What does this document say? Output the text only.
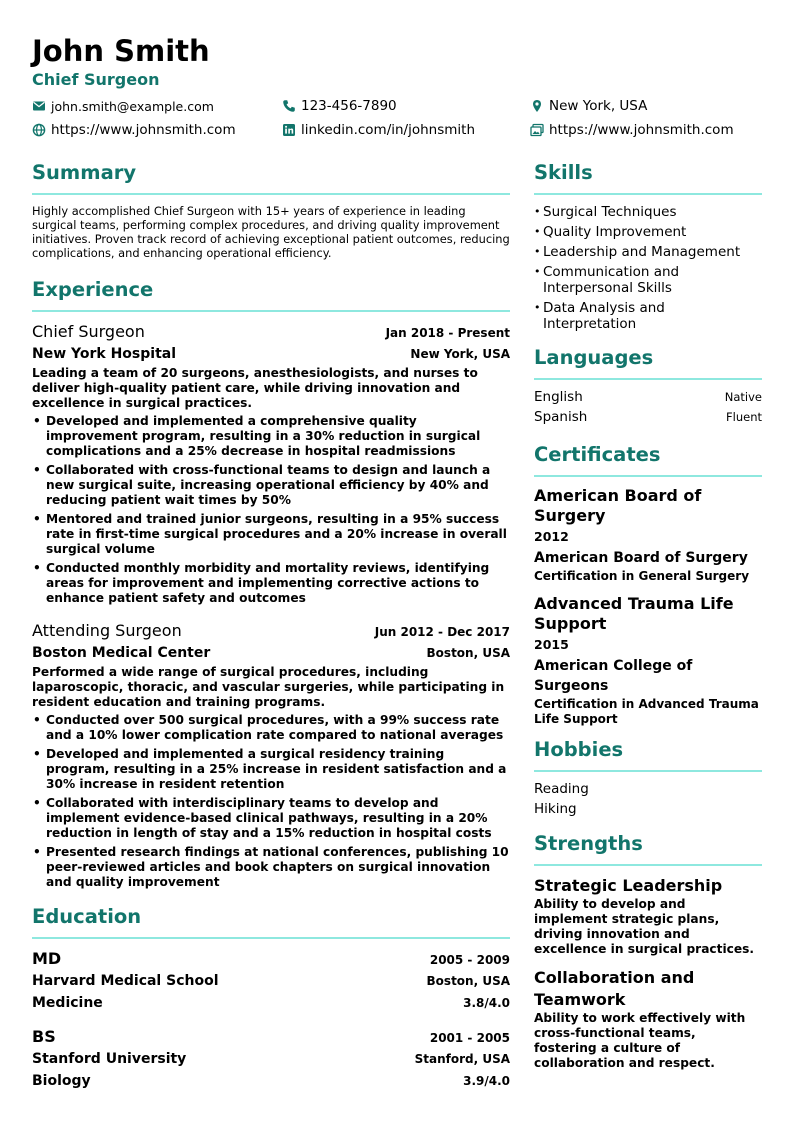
John Smith
Chief Surgeon
john.smith@example.com	123-456-7890	New York, USA
https://www.johnsmith.com	linkedin.com/in/johnsmith	https://www.johnsmith.com
Summary
Highly accomplished Chief Surgeon with 15+ years of experience in leading surgical teams, performing complex procedures, and driving quality improvement initiatives. Proven track record of achieving exceptional patient outcomes, reducing complications, and enhancing operational efficiency.
Experience
Chief Surgeon	Jan 2018 - Present
New York Hospital	New York, USA
Leading a team of 20 surgeons, anesthesiologists, and nurses to deliver high-quality patient care, while driving innovation and excellence in surgical practices.
• Developed and implemented a comprehensive quality improvement program, resulting in a 30% reduction in surgical complications and a 25% decrease in hospital readmissions
• Collaborated with cross-functional teams to design and launch a new surgical suite, increasing operational efficiency by 40% and reducing patient wait times by 50%
• Mentored and trained junior surgeons, resulting in a 95% success rate in first-time surgical procedures and a 20% increase in overall surgical volume
• Conducted monthly morbidity and mortality reviews, identifying areas for improvement and implementing corrective actions to enhance patient safety and outcomes
Attending Surgeon	Jun 2012 - Dec 2017
Boston Medical Center	Boston, USA
Performed a wide range of surgical procedures, including laparoscopic, thoracic, and vascular surgeries, while participating in resident education and training programs.
• Conducted over 500 surgical procedures, with a 99% success rate and a 10% lower complication rate compared to national averages
• Developed and implemented a surgical residency training program, resulting in a 25% increase in resident satisfaction and a 30% increase in resident retention
• Collaborated with interdisciplinary teams to develop and implement evidence-based clinical pathways, resulting in a 20% reduction in length of stay and a 15% reduction in hospital costs
• Presented research findings at national conferences, publishing 10 peer-reviewed articles and book chapters on surgical innovation and quality improvement
Education
MD	2005 - 2009
Harvard Medical School	Boston, USA
Medicine	3.8/4.0
BS	2001 - 2005
Stanford University	Stanford, USA
Biology	3.9/4.0
Skills
• Surgical Techniques
• Quality Improvement
• Leadership and Management
• Communication and Interpersonal Skills
• Data Analysis and Interpretation
Languages
English	Native
Spanish	Fluent
Certificates
American Board of Surgery
2012
American Board of Surgery
Certification in General Surgery
Advanced Trauma Life Support
2015
American College of Surgeons
Certification in Advanced Trauma Life Support
Hobbies
Reading
Hiking
Strengths
Strategic Leadership
Ability to develop and implement strategic plans, driving innovation and excellence in surgical practices.
Collaboration and Teamwork
Ability to work effectively with cross-functional teams, fostering a culture of collaboration and respect.
